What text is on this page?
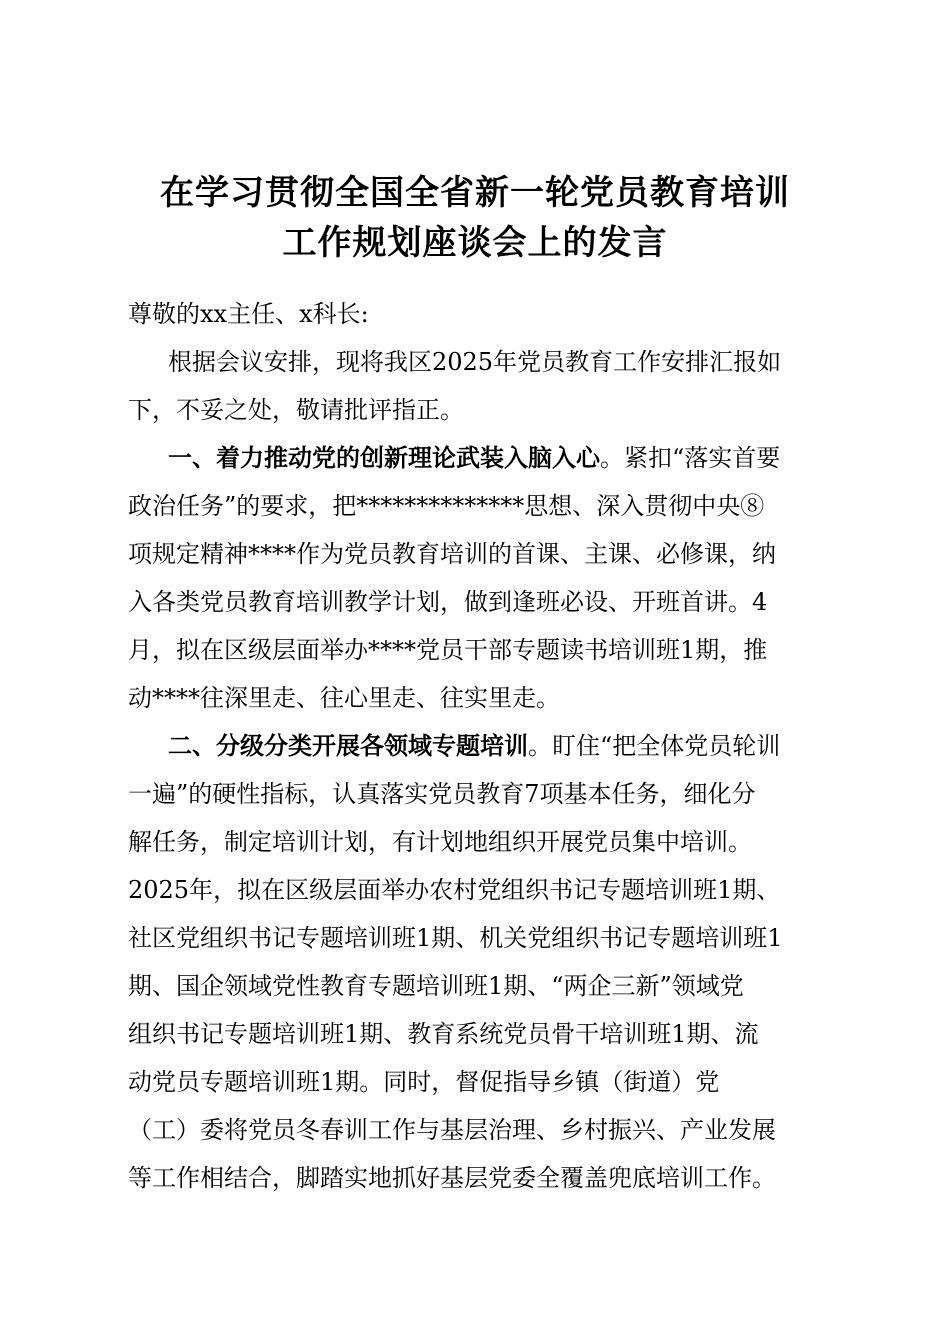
在学习贯彻全国全省新一轮党员教育培训
工作规划座谈会上的发言
尊敬的xx主任、x科长:
根据会议安排，现将我区2025年党员教育工作安排汇报如
下，不妥之处，敬请批评指正。
一、着力推动党的创新理论武装入脑入心。紧扣“落实首要
政治任务”的要求，把**************思想、深入贯彻中央⑧
项规定精神****作为党员教育培训的首课、主课、必修课，纳
入各类党员教育培训教学计划，做到逢班必设、开班首讲。4
月，拟在区级层面举办****党员干部专题读书培训班1期，推
动****往深里走、往心里走、往实里走。
二、分级分类开展各领域专题培训。盯住“把全体党员轮训
一遍”的硬性指标，认真落实党员教育7项基本任务，细化分
解任务，制定培训计划，有计划地组织开展党员集中培训。
2025年，拟在区级层面举办农村党组织书记专题培训班1期、
社区党组织书记专题培训班1期、机关党组织书记专题培训班1
期、国企领域党性教育专题培训班1期、“两企三新”领域党
组织书记专题培训班1期、教育系统党员骨干培训班1期、流
动党员专题培训班1期。同时，督促指导乡镇（街道）党
（工）委将党员冬春训工作与基层治理、乡村振兴、产业发展
等工作相结合，脚踏实地抓好基层党委全覆盖兜底培训工作。
